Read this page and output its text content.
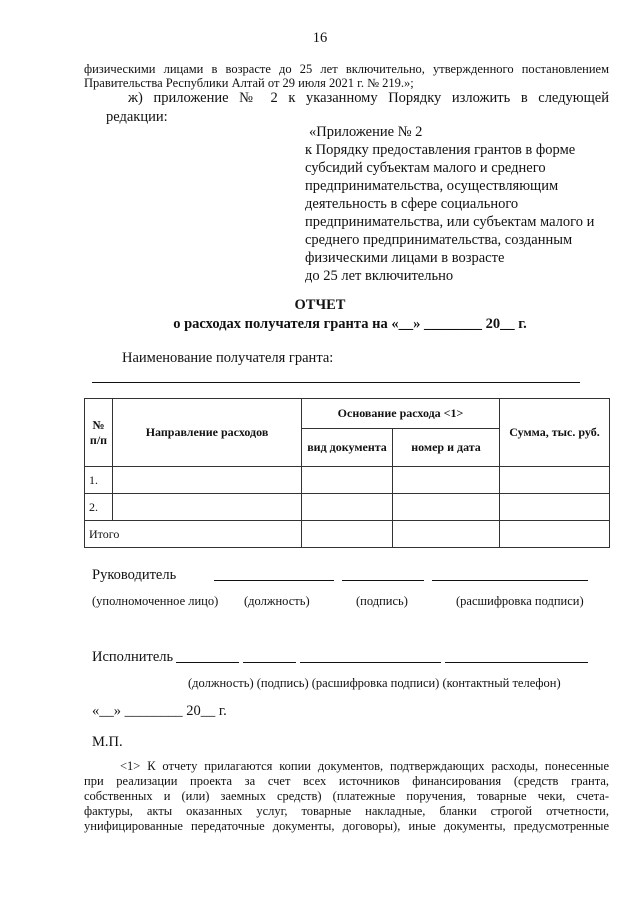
16
физическими лицами в возрасте до 25 лет включительно, утвержденного постановлением
Правительства Республики Алтай от 29 июля 2021 г. № 219.»;
ж) приложение № 2 к указанному Порядку изложить в следующей
редакции:
«Приложение № 2
к Порядку предоставления грантов в форме
субсидий субъектам малого и среднего
предпринимательства, осуществляющим
деятельность в сфере социального
предпринимательства, или субъектам малого и
среднего предпринимательства, созданным
физическими лицами в возрасте
до 25 лет включительно
ОТЧЕТ
о расходах получателя гранта на «__» ________ 20__ г.
Наименование получателя гранта:
№ п/п	Направление расходов	Основание расхода <1>		Сумма, тыс. руб.
		вид документа	номер и дата	
1.				
2.				
Итого				
Руководитель
(уполномоченное лицо) (должность)	(подпись)	(расшифровка подписи)
Исполнитель
(должность) (подпись) (расшифровка подписи) (контактный телефон)
«__» ________ 20__ г.
М.П.
<1> К отчету прилагаются копии документов, подтверждающих расходы, понесенные
при реализации проекта за счет всех источников финансирования (средств гранта,
собственных и (или) заемных средств) (платежные поручения, товарные чеки, счета-
фактуры, акты оказанных услуг, товарные накладные, бланки строгой отчетности,
унифицированные передаточные документы, договоры), иные документы, предусмотренные
